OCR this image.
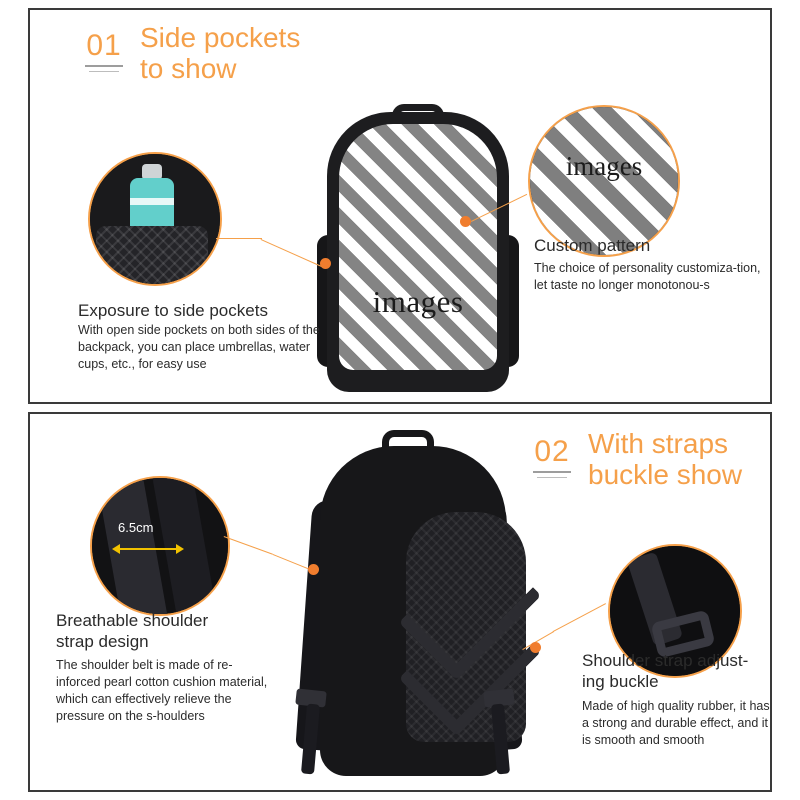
01 Side pockets
to show
images
Exposure to side pockets
With open side pockets on both sides of the backpack, you can place umbrellas, water cups, etc., for easy use
images
Custom pattern
The choice of personality customiza-tion, let taste no longer monotonou-s
02 With straps
buckle show
6.5cm
Breathable shoulder
strap design
The shoulder belt is made of re-inforced pearl cotton cushion material, which can effectively relieve the pressure on the s-houlders
Shoulder strap adjust-
ing buckle
Made of high quality rubber, it has a strong and durable effect, and it is smooth and smooth
